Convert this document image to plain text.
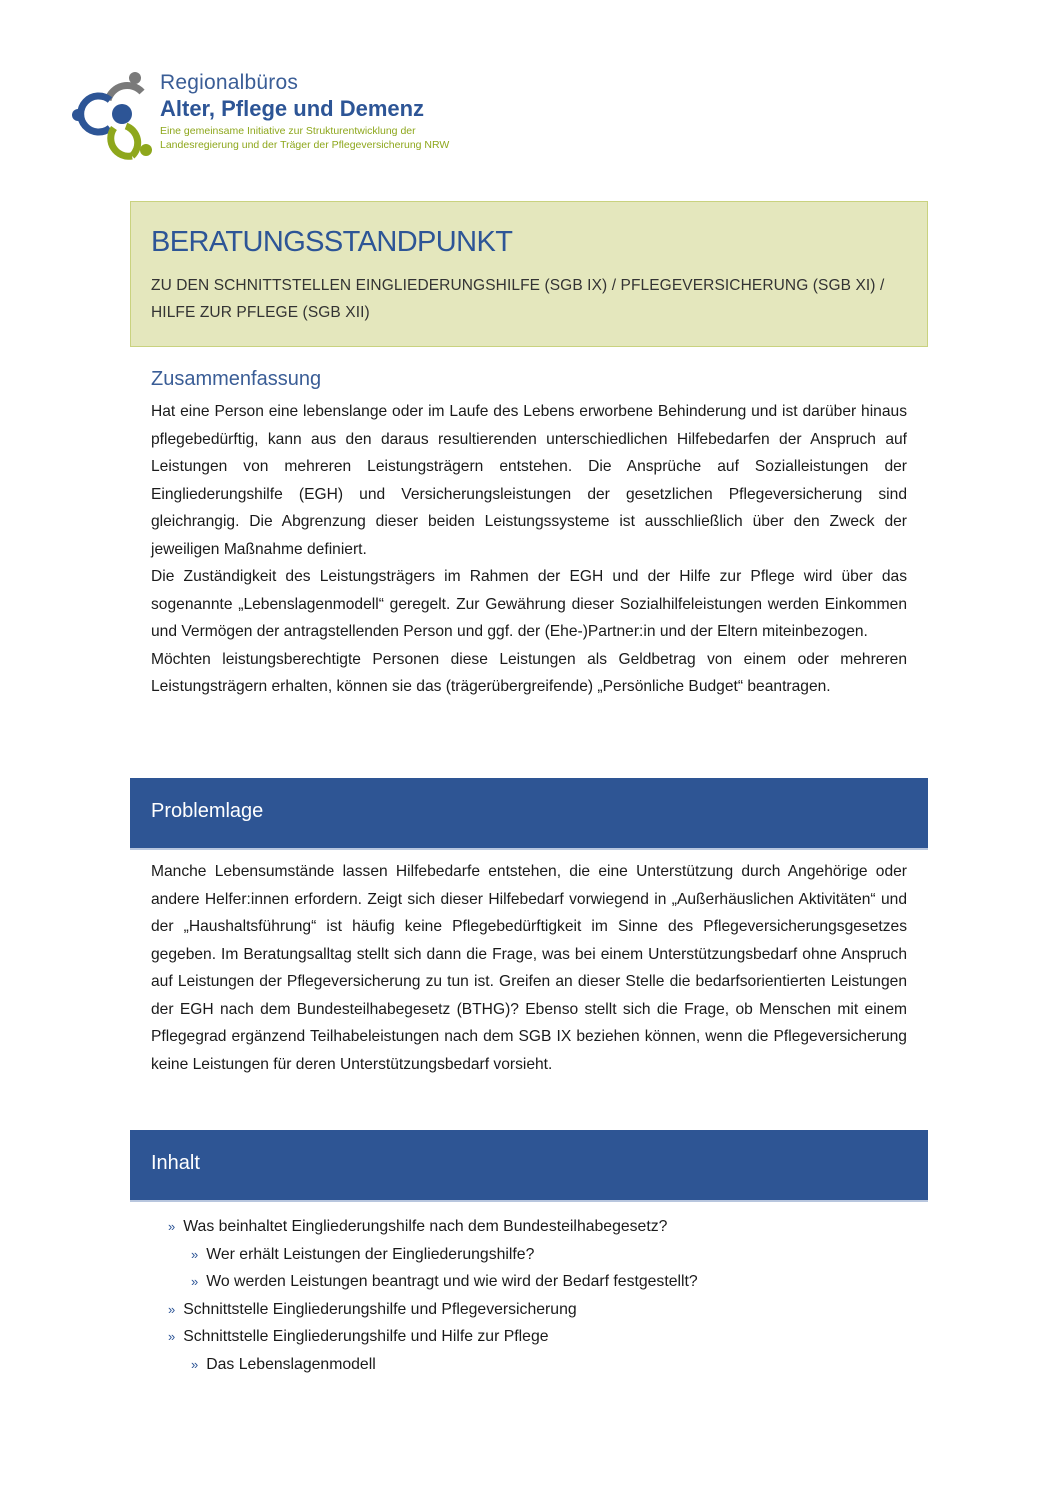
Regionalbüros
Alter, Pflege und Demenz
Eine gemeinsame Initiative zur Strukturentwicklung der
Landesregierung und der Träger der Pflegeversicherung NRW
BERATUNGSSTANDPUNKT
ZU DEN SCHNITTSTELLEN EINGLIEDERUNGSHILFE (SGB IX) / PFLEGEVERSICHERUNG (SGB XI) / HILFE ZUR PFLEGE (SGB XII)
Zusammenfassung

Hat eine Person eine lebenslange oder im Laufe des Lebens erworbene Behinderung und ist darüber hinaus pflegebedürftig, kann aus den daraus resultierenden unterschiedlichen Hilfebedarfen der Anspruch auf Leistungen von mehreren Leistungsträgern entstehen. Die Ansprüche auf Sozialleistungen der Eingliederungshilfe (EGH) und Versicherungsleistungen der gesetzlichen Pflegeversicherung sind gleichrangig. Die Abgrenzung dieser beiden Leistungssysteme ist ausschließlich über den Zweck der jeweiligen Maßnahme definiert.

Die Zuständigkeit des Leistungsträgers im Rahmen der EGH und der Hilfe zur Pflege wird über das sogenannte „Lebenslagenmodell“ geregelt. Zur Gewährung dieser Sozialhilfeleistungen werden Einkommen und Vermögen der antragstellenden Person und ggf. der (Ehe-)Partner:in und der Eltern miteinbezogen.

Möchten leistungsberechtigte Personen diese Leistungen als Geldbetrag von einem oder mehreren Leistungsträgern erhalten, können sie das (trägerübergreifende) „Persönliche Budget“ beantragen.

Problemlage

Manche Lebensumstände lassen Hilfebedarfe entstehen, die eine Unterstützung durch Angehörige oder andere Helfer:innen erfordern. Zeigt sich dieser Hilfebedarf vorwiegend in „Außerhäuslichen Aktivitäten“ und der „Haushaltsführung“ ist häufig keine Pflegebedürftigkeit im Sinne des Pflegeversicherungsgesetzes gegeben. Im Beratungsalltag stellt sich dann die Frage, was bei einem Unterstützungsbedarf ohne Anspruch auf Leistungen der Pflegeversicherung zu tun ist. Greifen an dieser Stelle die bedarfsorientierten Leistungen der EGH nach dem Bundesteilhabegesetz (BTHG)? Ebenso stellt sich die Frage, ob Menschen mit einem Pflegegrad ergänzend Teilhabeleistungen nach dem SGB IX beziehen können, wenn die Pflegeversicherung keine Leistungen für deren Unterstützungsbedarf vorsieht.

Inhalt
» Was beinhaltet Eingliederungshilfe nach dem Bundesteilhabegesetz?
» Wer erhält Leistungen der Eingliederungshilfe?
» Wo werden Leistungen beantragt und wie wird der Bedarf festgestellt?
» Schnittstelle Eingliederungshilfe und Pflegeversicherung
» Schnittstelle Eingliederungshilfe und Hilfe zur Pflege
» Das Lebenslagenmodell
